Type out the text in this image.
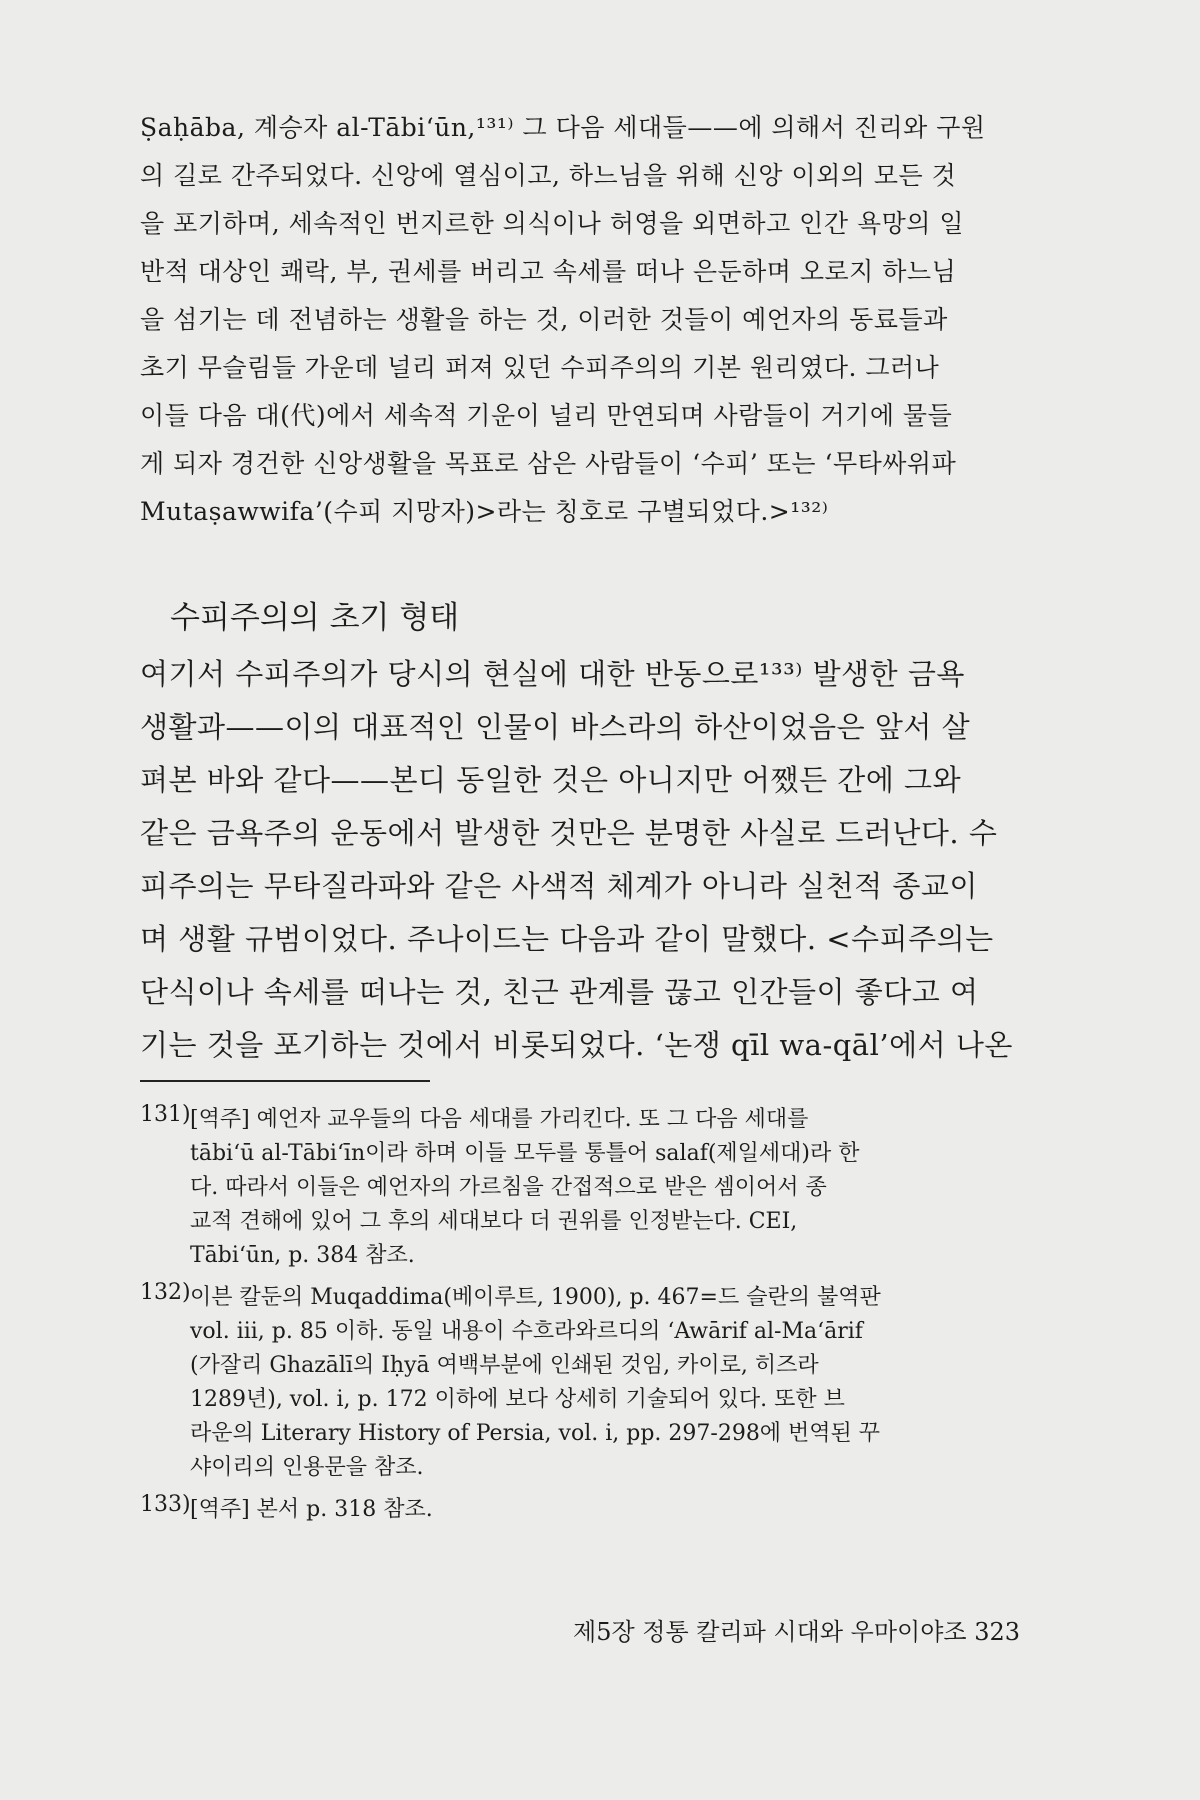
Ṣaḥāba, 계승자 al-Tābi‘ūn,¹³¹⁾ 그 다음 세대들——에 의해서 진리와 구원
의 길로 간주되었다. 신앙에 열심이고, 하느님을 위해 신앙 이외의 모든 것
을 포기하며, 세속적인 번지르한 의식이나 허영을 외면하고 인간 욕망의 일
반적 대상인 쾌락, 부, 권세를 버리고 속세를 떠나 은둔하며 오로지 하느님
을 섬기는 데 전념하는 생활을 하는 것, 이러한 것들이 예언자의 동료들과
초기 무슬림들 가운데 널리 퍼져 있던 수피주의의 기본 원리였다. 그러나
이들 다음 대(代)에서 세속적 기운이 널리 만연되며 사람들이 거기에 물들
게 되자 경건한 신앙생활을 목표로 삼은 사람들이 ‘수피’ 또는 ‘무타싸위파
Mutaṣawwifa’(수피 지망자)>라는 칭호로 구별되었다.>¹³²⁾
수피주의의 초기 형태
여기서 수피주의가 당시의 현실에 대한 반동으로¹³³⁾ 발생한 금욕
생활과——이의 대표적인 인물이 바스라의 하산이었음은 앞서 살
펴본 바와 같다——본디 동일한 것은 아니지만 어쨌든 간에 그와
같은 금욕주의 운동에서 발생한 것만은 분명한 사실로 드러난다. 수
피주의는 무타질라파와 같은 사색적 체계가 아니라 실천적 종교이
며 생활 규범이었다. 주나이드는 다음과 같이 말했다. <수피주의는
단식이나 속세를 떠나는 것, 친근 관계를 끊고 인간들이 좋다고 여
기는 것을 포기하는 것에서 비롯되었다. ‘논쟁 qīl wa-qāl’에서 나온
131) [역주] 예언자 교우들의 다음 세대를 가리킨다. 또 그 다음 세대를
tābi‘ū al-Tābi‘īn이라 하며 이들 모두를 통틀어 salaf(제일세대)라 한
다. 따라서 이들은 예언자의 가르침을 간접적으로 받은 셈이어서 종
교적 견해에 있어 그 후의 세대보다 더 권위를 인정받는다. CEI,
Tābi‘ūn, p. 384 참조.
132) 이븐 칼둔의 Muqaddima(베이루트, 1900), p. 467=드 슬란의 불역판
vol. iii, p. 85 이하. 동일 내용이 수흐라와르디의 ‘Awārif al-Ma‘ārif
(가잘리 Ghazālī의 Iḥyā 여백부분에 인쇄된 것임, 카이로, 히즈라
1289년), vol. i, p. 172 이하에 보다 상세히 기술되어 있다. 또한 브
라운의 Literary History of Persia, vol. i, pp. 297-298에 번역된 꾸
샤이리의 인용문을 참조.
133) [역주] 본서 p. 318 참조.
제5장 정통 칼리파 시대와 우마이야조 323
